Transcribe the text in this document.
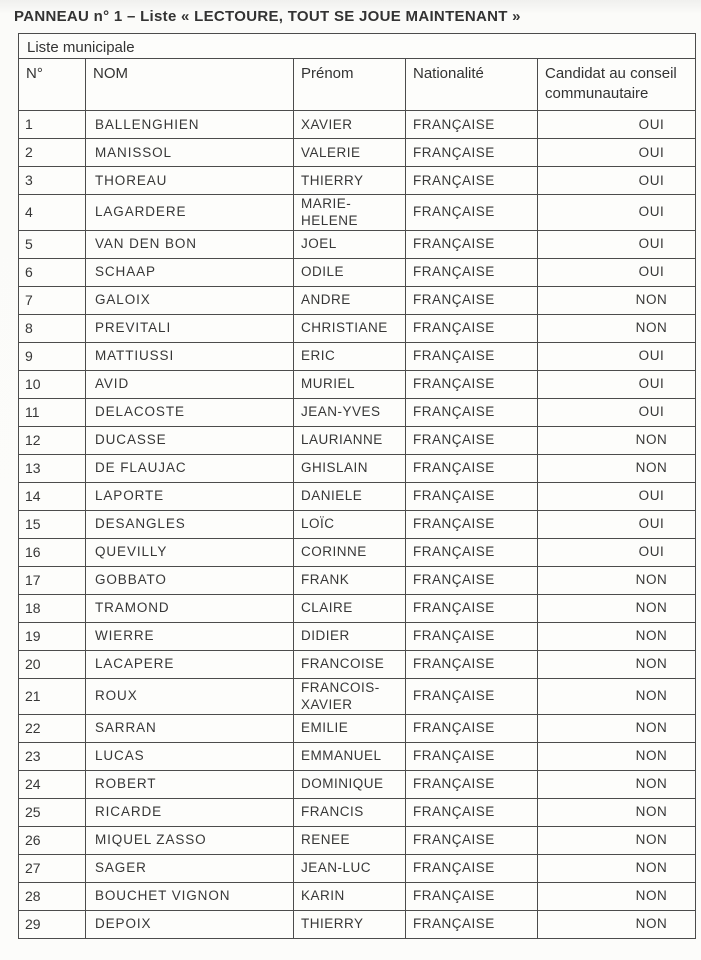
PANNEAU n° 1 – Liste « LECTOURE, TOUT SE JOUE MAINTENANT »
Liste municipale				
N°	NOM	Prénom	Nationalité	Candidat au conseil communautaire
1	BALLENGHIEN	XAVIER	FRANÇAISE	OUI
2	MANISSOL	VALERIE	FRANÇAISE	OUI
3	THOREAU	THIERRY	FRANÇAISE	OUI
4	LAGARDERE	MARIE-HELENE	FRANÇAISE	OUI
5	VAN DEN BON	JOEL	FRANÇAISE	OUI
6	SCHAAP	ODILE	FRANÇAISE	OUI
7	GALOIX	ANDRE	FRANÇAISE	NON
8	PREVITALI	CHRISTIANE	FRANÇAISE	NON
9	MATTIUSSI	ERIC	FRANÇAISE	OUI
10	AVID	MURIEL	FRANÇAISE	OUI
11	DELACOSTE	JEAN-YVES	FRANÇAISE	OUI
12	DUCASSE	LAURIANNE	FRANÇAISE	NON
13	DE FLAUJAC	GHISLAIN	FRANÇAISE	NON
14	LAPORTE	DANIELE	FRANÇAISE	OUI
15	DESANGLES	LOÏC	FRANÇAISE	OUI
16	QUEVILLY	CORINNE	FRANÇAISE	OUI
17	GOBBATO	FRANK	FRANÇAISE	NON
18	TRAMOND	CLAIRE	FRANÇAISE	NON
19	WIERRE	DIDIER	FRANÇAISE	NON
20	LACAPERE	FRANCOISE	FRANÇAISE	NON
21	ROUX	FRANCOIS-XAVIER	FRANÇAISE	NON
22	SARRAN	EMILIE	FRANÇAISE	NON
23	LUCAS	EMMANUEL	FRANÇAISE	NON
24	ROBERT	DOMINIQUE	FRANÇAISE	NON
25	RICARDE	FRANCIS	FRANÇAISE	NON
26	MIQUEL ZASSO	RENEE	FRANÇAISE	NON
27	SAGER	JEAN-LUC	FRANÇAISE	NON
28	BOUCHET VIGNON	KARIN	FRANÇAISE	NON
29	DEPOIX	THIERRY	FRANÇAISE	NON
